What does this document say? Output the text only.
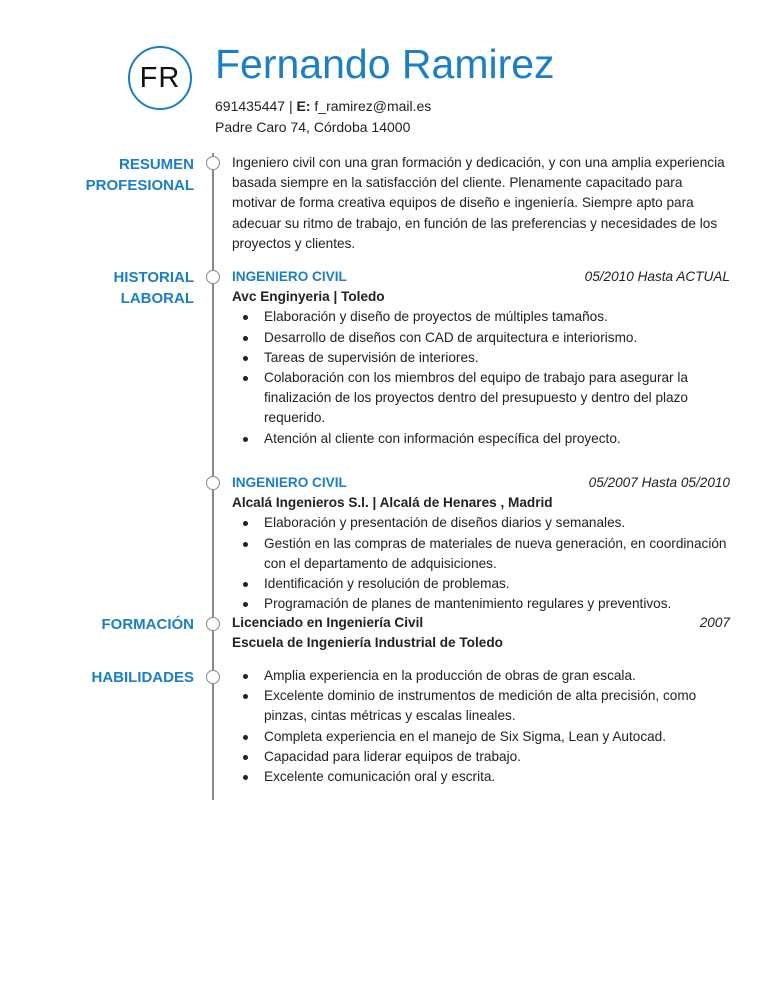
FR Fernando Ramirez
691435447 | E: f_ramirez@mail.es
Padre Caro 74, Córdoba 14000
RESUMEN
PROFESIONAL
Ingeniero civil con una gran formación y dedicación, y con una amplia experiencia basada siempre en la satisfacción del cliente. Plenamente capacitado para motivar de forma creativa equipos de diseño e ingeniería. Siempre apto para adecuar su ritmo de trabajo, en función de las preferencias y necesidades de los proyectos y clientes.
HISTORIAL
LABORAL
INGENIERO CIVIL	05/2010 Hasta ACTUAL
Avc Enginyeria | Toledo
Elaboración y diseño de proyectos de múltiples tamaños.
Desarrollo de diseños con CAD de arquitectura e interiorismo.
Tareas de supervisión de interiores.
Colaboración con los miembros del equipo de trabajo para asegurar la finalización de los proyectos dentro del presupuesto y dentro del plazo requerido.
Atención al cliente con información específica del proyecto.
INGENIERO CIVIL	05/2007 Hasta 05/2010
Alcalá Ingenieros S.l. | Alcalá de Henares , Madrid
Elaboración y presentación de diseños diarios y semanales.
Gestión en las compras de materiales de nueva generación, en coordinación con el departamento de adquisiciones.
Identificación y resolución de problemas.
Programación de planes de mantenimiento regulares y preventivos.
FORMACIÓN	Licenciado en Ingeniería Civil	2007
Escuela de Ingeniería Industrial de Toledo
HABILIDADES	Amplia experiencia en la producción de obras de gran escala.
Excelente dominio de instrumentos de medición de alta precisión, como pinzas, cintas métricas y escalas lineales.
Completa experiencia en el manejo de Six Sigma, Lean y Autocad.
Capacidad para liderar equipos de trabajo.
Excelente comunicación oral y escrita.
